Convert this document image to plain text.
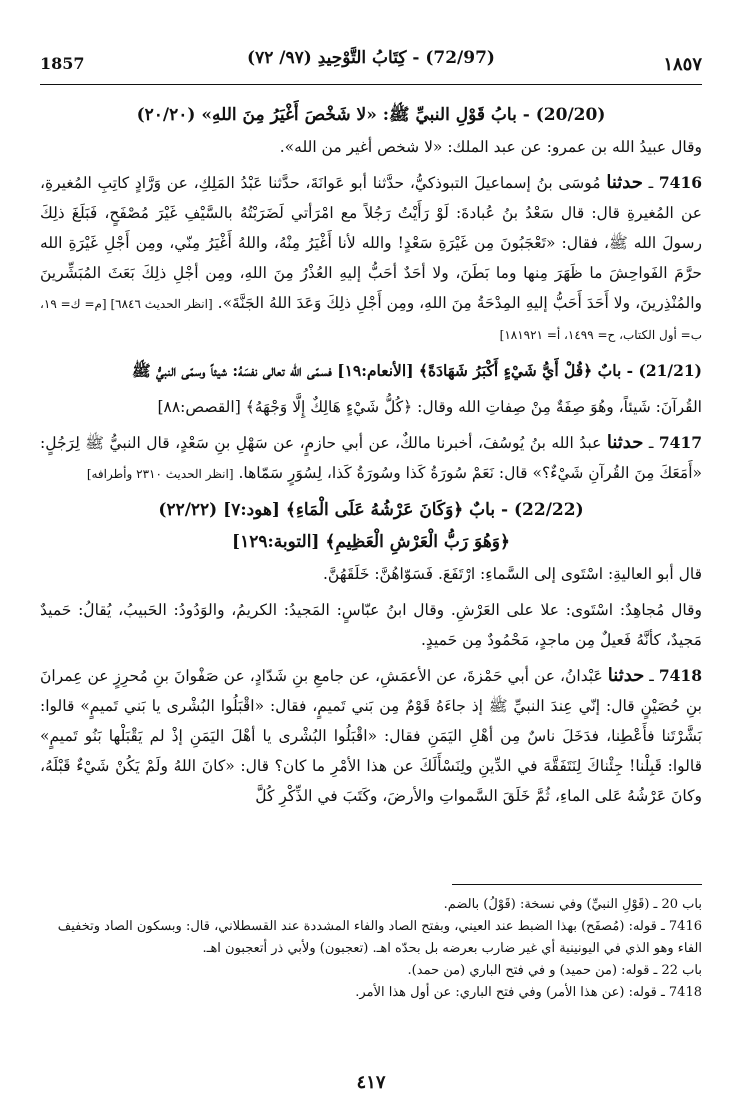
1857	(72/97) - كِتَابُ التَّوْحِيدِ (٩٧/ ٧٢)	١٨٥٧
(20/20) - بابُ قَوْلِ النبيِّ ﷺ: «لا شَخْصَ أَغْيَرُ مِنَ اللهِ» (٢٠/٢٠)

وقال عبيدُ الله بن عمرو: عن عبد الملك: «لا شخص أغير من الله».

7416 ـ حدثنا مُوسَى بنُ إسماعيلَ التبوذكيُّ، حدَّثنا أبو عَوانَةَ، حدَّثنا عَبْدُ المَلِكِ، عن وَرَّادٍ كاتِبِ المُغيرةِ، عن المُغيرةِ قال: قال سَعْدُ بنُ عُبادةَ: لَوْ رَأَيْتُ رَجُلاً مع امْرَأتي لَضَرَبْتُهُ بالسَّيْفِ غَيْرَ مُصْفَحٍ، فَبَلَغَ ذلِكَ رسولَ الله ﷺ، فقال: «تَعْجَبُونَ مِن غَيْرَةِ سَعْدٍ! والله لأنا أَغْيَرُ مِنْهُ، واللهُ أَغْيَرُ مِنّي، ومِن أَجْلِ غَيْرَةِ الله حرَّمَ الفَواحِشَ ما ظَهَرَ مِنها وما بَطَنَ، ولا أحَدٌ أحَبُّ إليهِ العُذْرُ مِنَ اللهِ، ومِن أجْلِ ذلِكَ بَعَثَ المُبَشِّرينَ والمُنْذِرينَ، ولا أَحَدَ أَحَبُّ إليهِ المِدْحَةُ مِنَ اللهِ، ومِن أَجْلِ ذلِكَ وَعَدَ اللهُ الجَنَّةَ». [انظر الحديث ٦٨٤٦] [م= ك= ١٩، ب= أول الكتاب، ح= ١٤٩٩، أ= ١٨١٩٢١]

(21/21) - بابٌ ﴿قُلْ أَيُّ شَيْءٍ أَكْبَرُ شَهَادَةً﴾ [الأنعام:١٩] فسمّى الله تعالى نفسَهُ: شيئاً وسمّى النبيُّ ﷺ

القُرآنَ: شَيئاً، وهُوَ صِفَةٌ مِنْ صِفاتِ الله وقال: ﴿كُلُّ شَيْءٍ هَالِكٌ إِلَّا وَجْهَهُ﴾ [القصص:٨٨]

7417 ـ حدثنا عبدُ الله بنُ يُوسُفَ، أخبرنا مالكٌ، عن أبي حازمٍ، عن سَهْلِ بنِ سَعْدٍ، قال النبيُّ ﷺ لِرَجُلٍ: «أَمَعَكَ مِنَ القُرآنِ شَيْءٌ؟» قال: نَعَمْ سُورَةُ كَذا وسُورَةُ كَذا، لِسُوَرٍ سَمّاها. [انظر الحديث ٢٣١٠ وأطرافه]

(22/22) - بابٌ ﴿وَكَانَ عَرْشُهُ عَلَى الْمَاءِ﴾ [هود:٧] (٢٢/٢٢)
﴿وَهُوَ رَبُّ الْعَرْشِ الْعَظِيمِ﴾ [التوبة:١٢٩]

قال أبو العاليةِ: اسْتَوى إلى السَّماءِ: ارْتَفَعَ. فَسَوّاهُنَّ: خَلَقَهُنَّ.

وقال مُجاهِدٌ: اسْتَوى: علا على العَرْشِ. وقال ابنُ عبّاسٍ: المَجيدُ: الكريمُ، والوَدُودُ: الحَبيبُ، يُقالُ: حَميدٌ مَجيدٌ، كأنَّهُ فَعيلٌ مِن ماجدٍ، مَحْمُودٌ مِن حَميدٍ.

7418 ـ حدثنا عَبْدانُ، عن أبي حَمْزةَ، عن الأعمَشِ، عن جامعِ بنِ شَدّادٍ، عن صَفْوانَ بنِ مُحرِزٍ عن عِمرانَ بنِ حُصَيْنٍ قال: إنّي عِندَ النبيِّ ﷺ إذ جاءَهُ قَوْمٌ مِن بَني تَميمٍ، فقال: «اقْبَلُوا البُشْرى يا بَني تَميمٍ» قالوا: بَشَّرْتَنا فأَعْطِنا، فدَخَلَ ناسٌ مِن أهْلِ اليَمَنِ فقال: «اقْبَلُوا البُشْرى يا أهْلَ اليَمَنِ إذْ لم يَقْبَلْها بَنُو تَميمٍ» قالوا: قَبِلْنا! جِئْناكَ لِنَتَفَقَّهَ في الدِّينِ ولِنَسْأَلَكَ عن هذا الأمْرِ ما كان؟ قال: «كانَ اللهُ ولَمْ يَكُنْ شَيْءٌ قَبْلَهُ، وكانَ عَرْشُهُ عَلى الماءِ، ثُمَّ خَلَقَ السَّمواتِ والأرضَ، وكَتَبَ في الذِّكْرِ كُلَّ

باب 20 ـ (قَوْلِ النبيِّ) وفي نسخة: (قَوْلُ) بالضم.

7416 ـ قوله: (مُصفَح) بهذا الضبط عند العيني، وبفتح الصاد والفاء المشددة عند القسطلاني، قال: وبسكون الصاد وتخفيف الفاء وهو الذي في اليونينية أي غير ضارب بعرضه بل بحدّه اهـ. (تعجبون) ولأبي ذر أتعجبون اهـ.

باب 22 ـ قوله: (من حميد) و في فتح الباري (من حمد).

7418 ـ قوله: (عن هذا الأمر) وفي فتح الباري: عن أول هذا الأمر.

٤١٧
